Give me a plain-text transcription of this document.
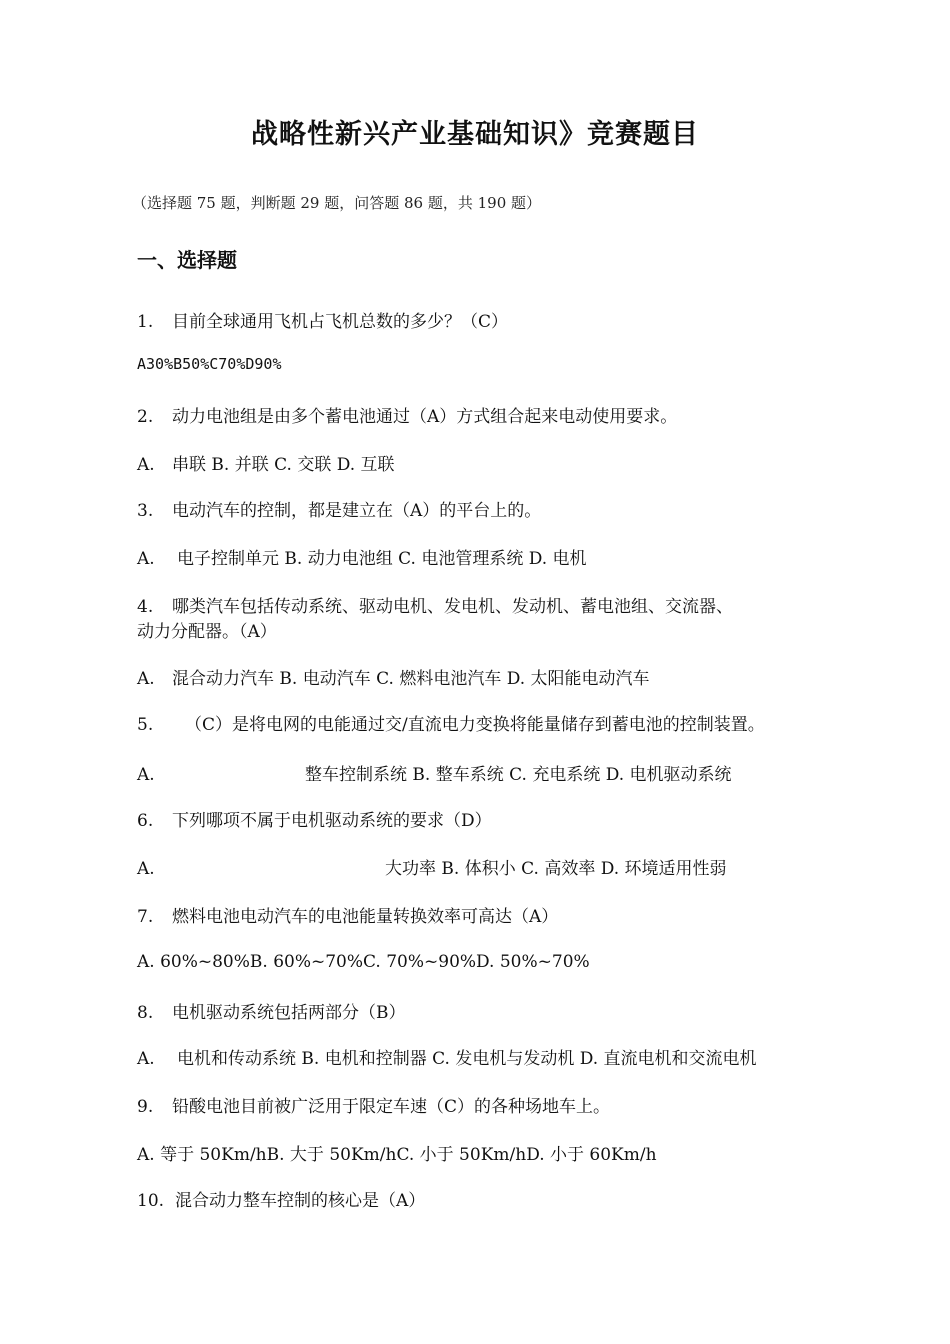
战略性新兴产业基础知识》竞赛题目
（选择题 75 题，判断题 29 题，问答题 86 题，共 190 题）
一、选择题
1. 目前全球通用飞机占飞机总数的多少？（C）
A30%B50%C70%D90%
2. 动力电池组是由多个蓄电池通过（A）方式组合起来电动使用要求。
A. 串联 B. 并联 C. 交联 D. 互联
3. 电动汽车的控制，都是建立在（A）的平台上的。
A. 电子控制单元 B. 动力电池组 C. 电池管理系统 D. 电机
4. 哪类汽车包括传动系统、驱动电机、发电机、发动机、蓄电池组、交流器、
动力分配器。（A）
A. 混合动力汽车 B. 电动汽车 C. 燃料电池汽车 D. 太阳能电动汽车
5. （C）是将电网的电能通过交/直流电力变换将能量储存到蓄电池的控制装置。
A.	整车控制系统 B. 整车系统 C. 充电系统 D. 电机驱动系统
6. 下列哪项不属于电机驱动系统的要求（D）
A.	大功率 B. 体积小 C. 高效率 D. 环境适用性弱
7. 燃料电池电动汽车的电池能量转换效率可高达（A）
A. 60%~80%B. 60%~70%C. 70%~90%D. 50%~70%
8. 电机驱动系统包括两部分（B）
A. 电机和传动系统 B. 电机和控制器 C. 发电机与发动机 D. 直流电机和交流电机
9. 铅酸电池目前被广泛用于限定车速（C）的各种场地车上。
A. 等于 50Km/hB. 大于 50Km/hC. 小于 50Km/hD. 小于 60Km/h
10. 混合动力整车控制的核心是（A）
